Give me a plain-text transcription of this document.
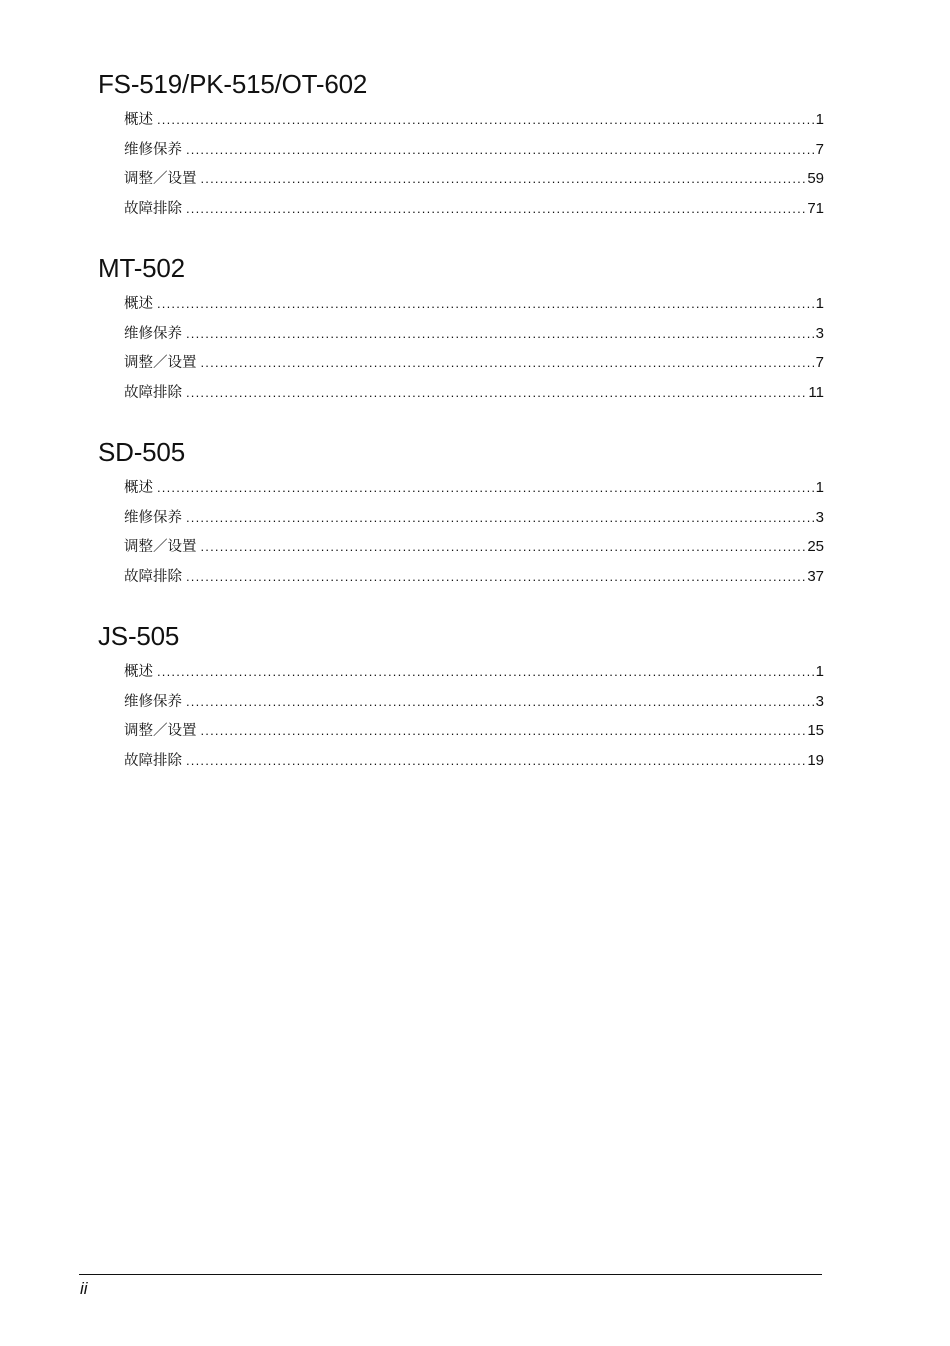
FS-519/PK-515/OT-602
概述 .....	1
维修保养 .....	7
调整／设置 .....	59
故障排除 .....	71
MT-502
概述 .....	1
维修保养 .....	3
调整／设置 .....	7
故障排除 .....	11
SD-505
概述 .....	1
维修保养 .....	3
调整／设置 .....	25
故障排除 .....	37
JS-505
概述 .....	1
维修保养 .....	3
调整／设置 .....	15
故障排除 .....	19
ii
